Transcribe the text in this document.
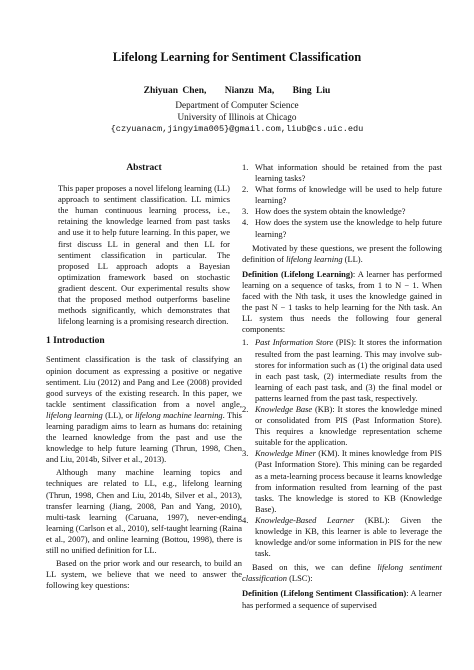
Lifelong Learning for Sentiment Classification
Zhiyuan Chen, Nianzu Ma, Bing Liu
Department of Computer Science
University of Illinois at Chicago
{czyuanacm,jingyima005}@gmail.com,liub@cs.uic.edu
Abstract
This paper proposes a novel lifelong learning (LL) approach to sentiment classification. LL mimics the human continuous learning process, i.e., retaining the knowledge learned from past tasks and use it to help future learning. In this paper, we first discuss LL in general and then LL for sentiment classification in particular. The proposed LL approach adopts a Bayesian optimization framework based on stochastic gradient descent. Our experimental results show that the proposed method outperforms baseline methods significantly, which demonstrates that lifelong learning is a promising research direction.
1 Introduction

Sentiment classification is the task of classifying an opinion document as expressing a positive or negative sentiment. Liu (2012) and Pang and Lee (2008) provided good surveys of the existing research. In this paper, we tackle sentiment classification from a novel angle, lifelong learning (LL), or lifelong machine learning. This learning paradigm aims to learn as humans do: retaining the learned knowledge from the past and use the knowledge to help future learning (Thrun, 1998, Chen and Liu, 2014b, Silver et al., 2013).

Although many machine learning topics and techniques are related to LL, e.g., lifelong learning (Thrun, 1998, Chen and Liu, 2014b, Silver et al., 2013), transfer learning (Jiang, 2008, Pan and Yang, 2010), multi-task learning (Caruana, 1997), never-ending learning (Carlson et al., 2010), self-taught learning (Raina et al., 2007), and online learning (Bottou, 1998), there is still no unified definition for LL.

Based on the prior work and our research, to build an LL system, we believe that we need to answer the following key questions:

1. What information should be retained from the past learning tasks?
2. What forms of knowledge will be used to help future learning?
3. How does the system obtain the knowledge?
4. How does the system use the knowledge to help future learning?

Motivated by these questions, we present the following definition of lifelong learning (LL).

Definition (Lifelong Learning): A learner has performed learning on a sequence of tasks, from 1 to N − 1. When faced with the Nth task, it uses the knowledge gained in the past N − 1 tasks to help learning for the Nth task. An LL system thus needs the following four general components:

1. Past Information Store (PIS): It stores the information resulted from the past learning. This may involve sub-stores for information such as (1) the original data used in each past task, (2) intermediate results from the learning of each past task, and (3) the final model or patterns learned from the past task, respectively.
2. Knowledge Base (KB): It stores the knowledge mined or consolidated from PIS (Past Information Store). This requires a knowledge representation scheme suitable for the application.
3. Knowledge Miner (KM). It mines knowledge from PIS (Past Information Store). This mining can be regarded as a meta-learning process because it learns knowledge from information resulted from learning of the past tasks. The knowledge is stored to KB (Knowledge Base).
4. Knowledge-Based Learner (KBL): Given the knowledge in KB, this learner is able to leverage the knowledge and/or some information in PIS for the new task.

Based on this, we can define lifelong sentiment classification (LSC):

Definition (Lifelong Sentiment Classification): A learner has performed a sequence of supervised
